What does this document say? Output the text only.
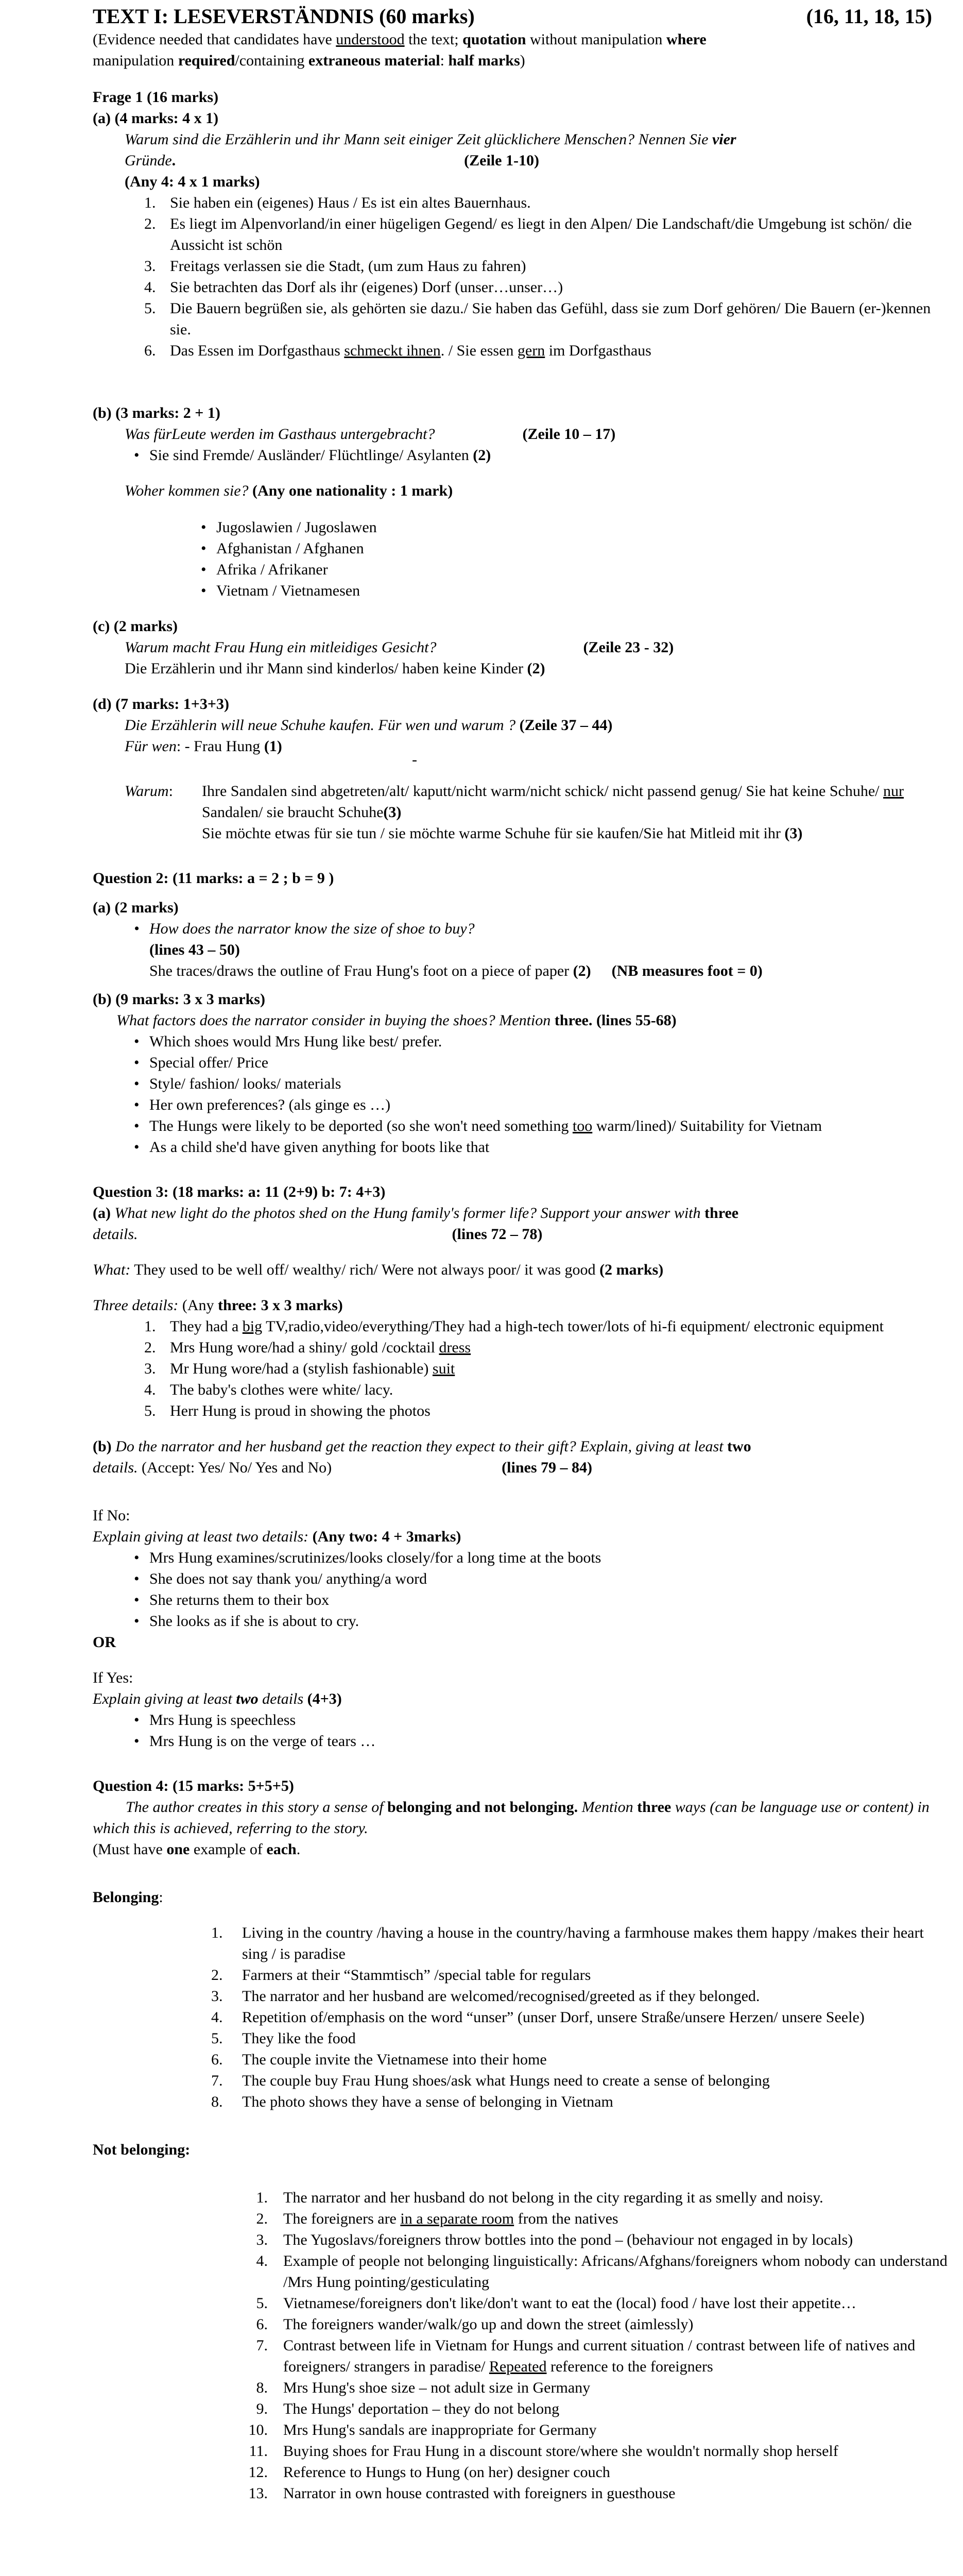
TEXT I: LESEVERSTÄNDNIS (60 marks)	(16, 11, 18, 15)

(Evidence needed that candidates have understood the text; quotation without manipulation where
manipulation required/containing extraneous material: half marks)

Frage 1 (16 marks)

(a) (4 marks: 4 x 1)

Warum sind die Erzählerin und ihr Mann seit einiger Zeit glücklichere Menschen? Nennen Sie vier
Gründe.	(Zeile 1-10)

(Any 4: 4 x 1 marks)

1. Sie haben ein (eigenes) Haus / Es ist ein altes Bauernhaus.
2. Es liegt im Alpenvorland/in einer hügeligen Gegend/ es liegt in den Alpen/ Die Landschaft/die Umgebung ist schön/ die Aussicht ist schön
3. Freitags verlassen sie die Stadt, (um zum Haus zu fahren)
4. Sie betrachten das Dorf als ihr (eigenes) Dorf (unser…unser…)
5. Die Bauern begrüßen sie, als gehörten sie dazu./ Sie haben das Gefühl, dass sie zum Dorf gehören/ Die Bauern (er-)kennen sie.
6. Das Essen im Dorfgasthaus schmeckt ihnen. / Sie essen gern im Dorfgasthaus

(b) (3 marks: 2 + 1)

Was fürLeute werden im Gasthaus untergebracht?	(Zeile 10 – 17)

• Sie sind Fremde/ Ausländer/ Flüchtlinge/ Asylanten (2)

Woher kommen sie? (Any one nationality : 1 mark)

• Jugoslawien / Jugoslawen
• Afghanistan / Afghanen
• Afrika / Afrikaner
• Vietnam / Vietnamesen

(c) (2 marks)

Warum macht Frau Hung ein mitleidiges Gesicht?	(Zeile 23 - 32)

Die Erzählerin und ihr Mann sind kinderlos/ haben keine Kinder (2)

(d) (7 marks: 1+3+3)

Die Erzählerin will neue Schuhe kaufen. Für wen und warum ? (Zeile 37 – 44)

Für wen: - Frau Hung (1)

-

Warum:	Ihre Sandalen sind abgetreten/alt/ kaputt/nicht warm/nicht schick/ nicht passend genug/ Sie hat keine Schuhe/ nur Sandalen/ sie braucht Schuhe(3)
Sie möchte etwas für sie tun / sie möchte warme Schuhe für sie kaufen/Sie hat Mitleid mit ihr (3)

Question 2: (11 marks: a = 2 ; b = 9 )

(a) (2 marks)

• How does the narrator know the size of shoe to buy?

(lines 43 – 50)

She traces/draws the outline of Frau Hung's foot on a piece of paper (2) (NB measures foot = 0)

(b) (9 marks: 3 x 3 marks)

What factors does the narrator consider in buying the shoes? Mention three. (lines 55-68)

• Which shoes would Mrs Hung like best/ prefer.
• Special offer/ Price
• Style/ fashion/ looks/ materials
• Her own preferences? (als ginge es …)
• The Hungs were likely to be deported (so she won't need something too warm/lined)/ Suitability for Vietnam
• As a child she'd have given anything for boots like that

Question 3: (18 marks: a: 11 (2+9) b: 7: 4+3)

(a) What new light do the photos shed on the Hung family's former life? Support your answer with three
details.	(lines 72 – 78)

What: They used to be well off/ wealthy/ rich/ Were not always poor/ it was good (2 marks)

Three details: (Any three: 3 x 3 marks)

1. They had a big TV,radio,video/everything/They had a high-tech tower/lots of hi-fi equipment/ electronic equipment
2. Mrs Hung wore/had a shiny/ gold /cocktail dress
3. Mr Hung wore/had a (stylish fashionable) suit
4. The baby's clothes were white/ lacy.
5. Herr Hung is proud in showing the photos

(b) Do the narrator and her husband get the reaction they expect to their gift? Explain, giving at least two
details. (Accept: Yes/ No/ Yes and No)	(lines 79 – 84)

If No:

Explain giving at least two details: (Any two: 4 + 3marks)

• Mrs Hung examines/scrutinizes/looks closely/for a long time at the boots
• She does not say thank you/ anything/a word
• She returns them to their box
• She looks as if she is about to cry.

OR

If Yes:

Explain giving at least two details (4+3)

• Mrs Hung is speechless
• Mrs Hung is on the verge of tears …

Question 4: (15 marks: 5+5+5)

The author creates in this story a sense of belonging and not belonging. Mention three ways (can be language use or content) in which this is achieved, referring to the story.

(Must have one example of each.

Belonging:

1.	Living in the country /having a house in the country/having a farmhouse makes them happy /makes their heart sing / is paradise
2.	Farmers at their “Stammtisch” /special table for regulars
3.	The narrator and her husband are welcomed/recognised/greeted as if they belonged.
4.	Repetition of/emphasis on the word “unser” (unser Dorf, unsere Straße/unsere Herzen/ unsere Seele)
5.	They like the food
6.	The couple invite the Vietnamese into their home
7.	The couple buy Frau Hung shoes/ask what Hungs need to create a sense of belonging
8.	The photo shows they have a sense of belonging in Vietnam

Not belonging:

1.	The narrator and her husband do not belong in the city regarding it as smelly and noisy.
2.	The foreigners are in a separate room from the natives
3.	The Yugoslavs/foreigners throw bottles into the pond – (behaviour not engaged in by locals)
4.	Example of people not belonging linguistically: Africans/Afghans/foreigners whom nobody can understand /Mrs Hung pointing/gesticulating
5.	Vietnamese/foreigners don't like/don't want to eat the (local) food / have lost their appetite…
6.	The foreigners wander/walk/go up and down the street (aimlessly)
7.	Contrast between life in Vietnam for Hungs and current situation / contrast between life of natives and foreigners/ strangers in paradise/ Repeated reference to the foreigners
8.	Mrs Hung's shoe size – not adult size in Germany
9.	The Hungs' deportation – they do not belong
10.	Mrs Hung's sandals are inappropriate for Germany
11.	Buying shoes for Frau Hung in a discount store/where she wouldn't normally shop herself
12.	Reference to Hungs to Hung (on her) designer couch
13.	Narrator in own house contrasted with foreigners in guesthouse
